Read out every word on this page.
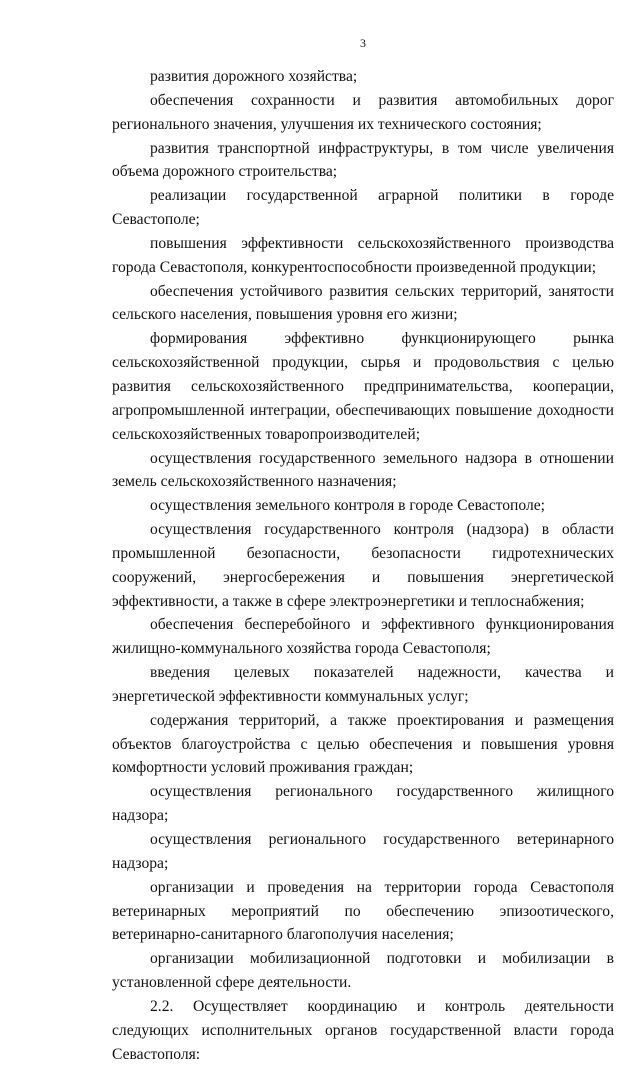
3

развития дорожного хозяйства;

обеспечения сохранности и развития автомобильных дорог регионального значения, улучшения их технического состояния;

развития транспортной инфраструктуры, в том числе увеличения объема дорожного строительства;

реализации государственной аграрной политики в городе Севастополе;

повышения эффективности сельскохозяйственного производства города Севастополя, конкурентоспособности произведенной продукции;

обеспечения устойчивого развития сельских территорий, занятости сельского населения, повышения уровня его жизни;

формирования эффективно функционирующего рынка сельскохозяйственной продукции, сырья и продовольствия с целью развития сельскохозяйственного предпринимательства, кооперации, агропромышленной интеграции, обеспечивающих повышение доходности сельскохозяйственных товаропроизводителей;

осуществления государственного земельного надзора в отношении земель сельскохозяйственного назначения;

осуществления земельного контроля в городе Севастополе;

осуществления государственного контроля (надзора) в области промышленной безопасности, безопасности гидротехнических сооружений, энергосбережения и повышения энергетической эффективности, а также в сфере электроэнергетики и теплоснабжения;

обеспечения бесперебойного и эффективного функционирования жилищно-коммунального хозяйства города Севастополя;

введения целевых показателей надежности, качества и энергетической эффективности коммунальных услуг;

содержания территорий, а также проектирования и размещения объектов благоустройства с целью обеспечения и повышения уровня комфортности условий проживания граждан;

осуществления регионального государственного жилищного надзора;

осуществления регионального государственного ветеринарного надзора;

организации и проведения на территории города Севастополя ветеринарных мероприятий по обеспечению эпизоотического, ветеринарно-санитарного благополучия населения;

организации мобилизационной подготовки и мобилизации в установленной сфере деятельности.

2.2. Осуществляет координацию и контроль деятельности следующих исполнительных органов государственной власти города Севастополя:
